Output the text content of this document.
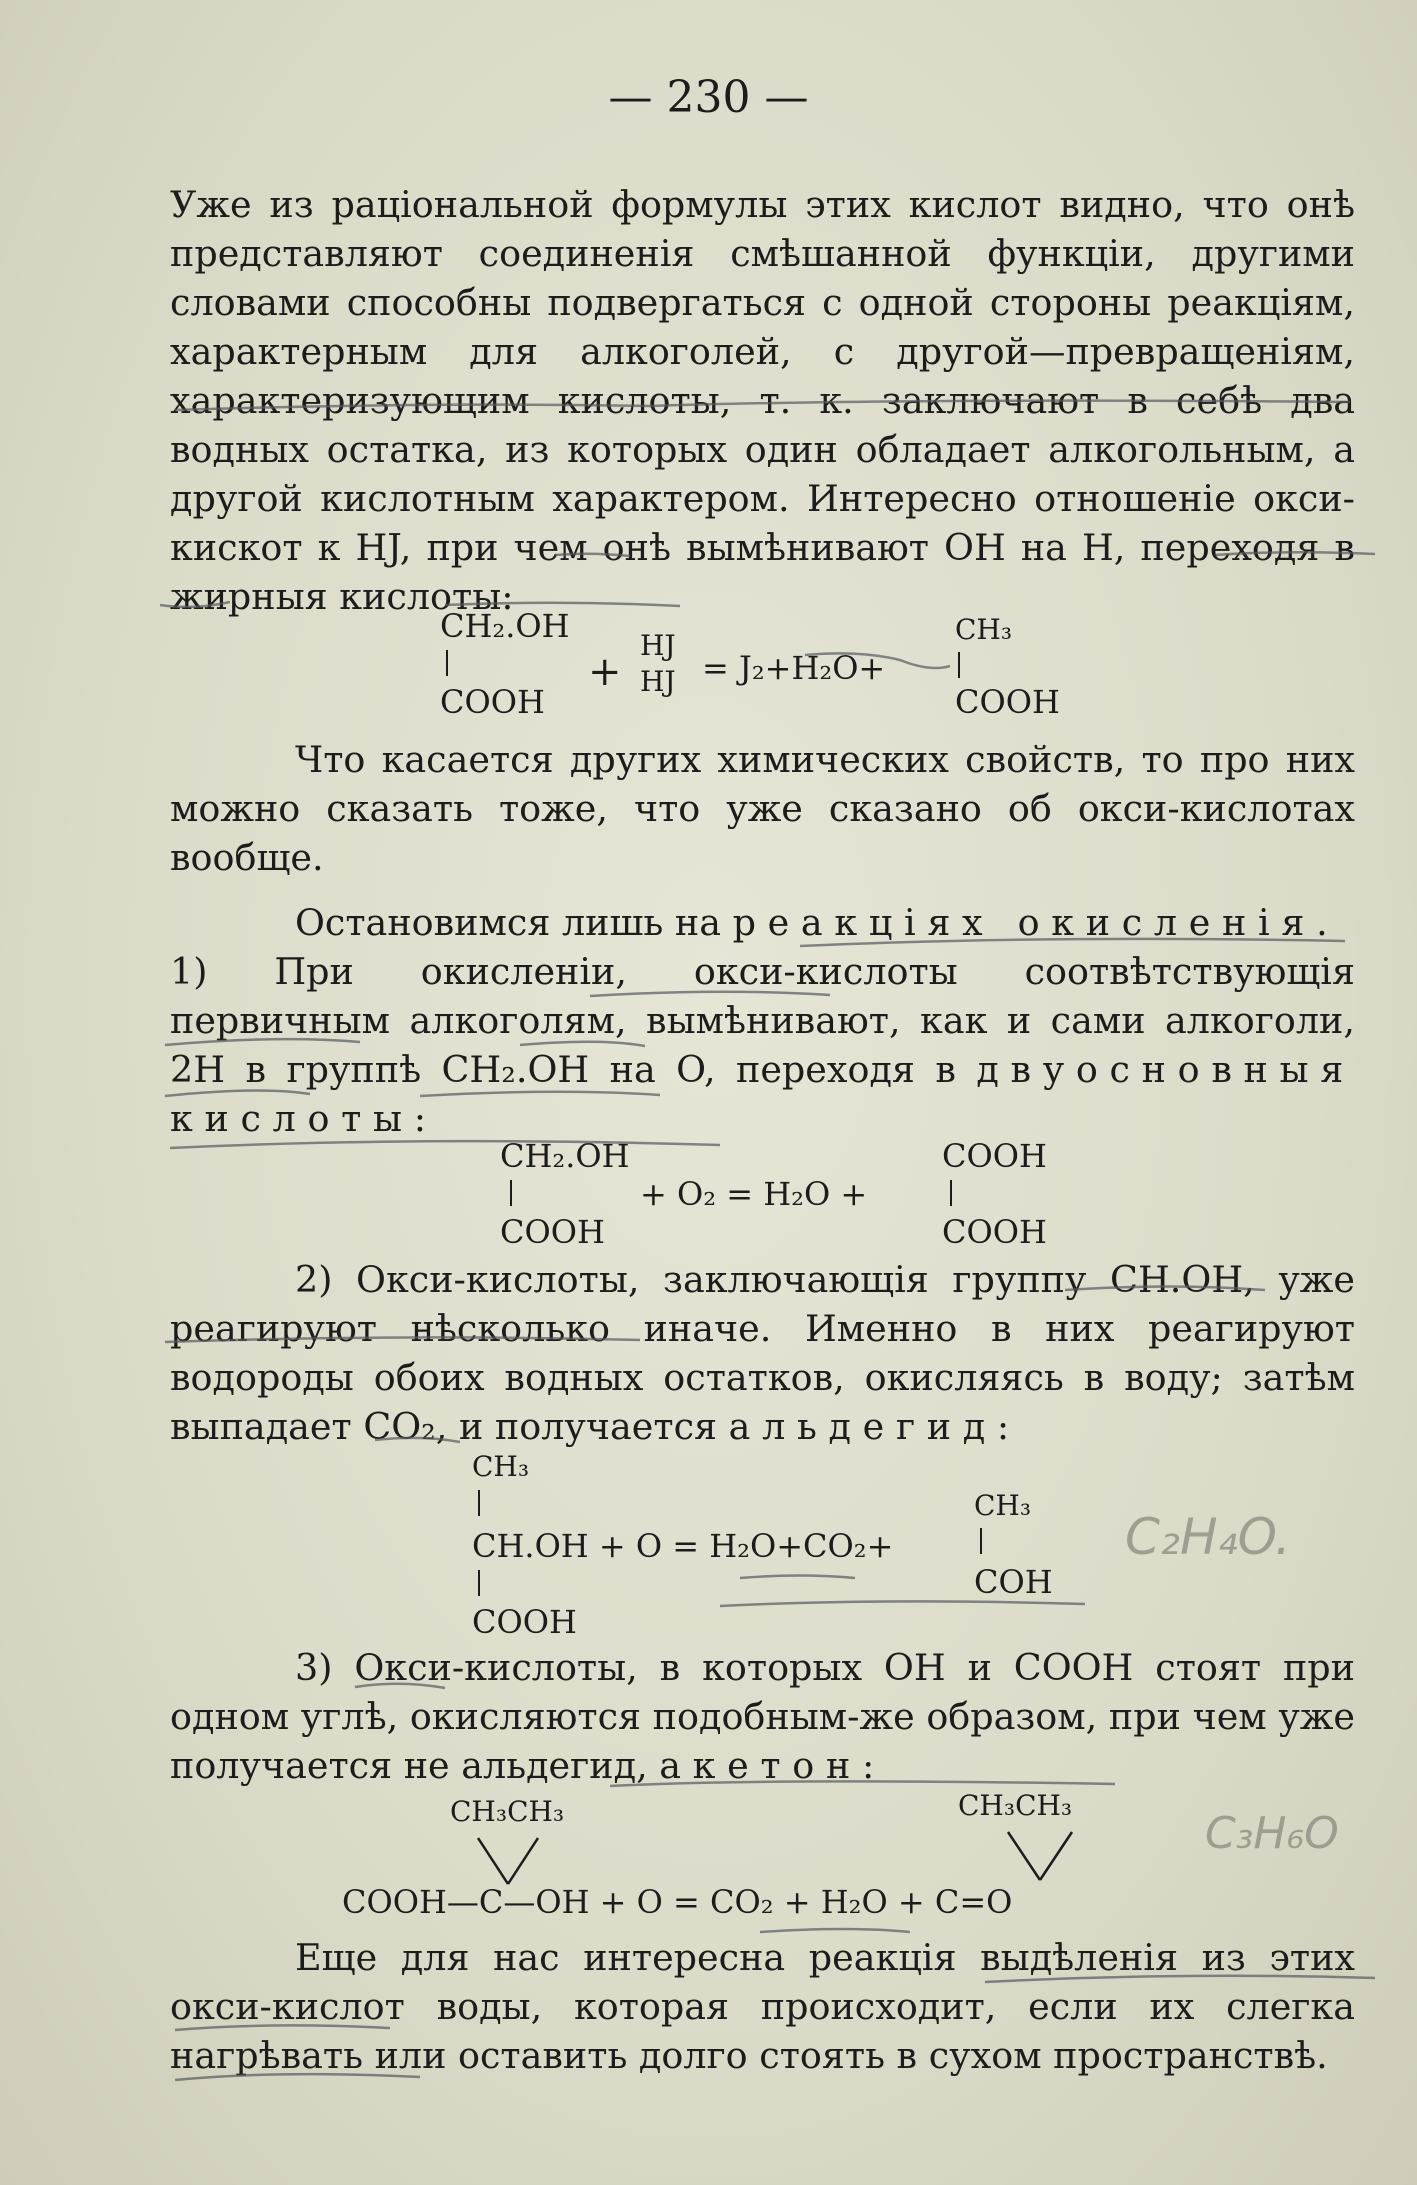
— 230 —

Уже из раціональной формулы этих кислот видно, что онѣ представляют соединенія смѣшанной функціи, другими словами способны подвергаться с одной стороны реакціям, характерным для алкоголей, с другой—превращеніям, характеризующим кислоты, т. к. заключают в себѣ два водных остатка, из которых один обладает алкогольным, а другой кислотным характером. Интересно отношеніе окси-кискот к HJ, при чем онѣ вымѣнивают OH на H, переходя в жирныя кислоты:

CH₂.OH
COOH
+
HJ
HJ = J₂+H₂O+
CH₃
COOH

Что касается других химических свойств, то про них можно сказать тоже, что уже сказано об окси-кислотах вообще.

Остановимся лишь на реакціях окисленія.

1) При окисленіи, окси-кислоты соотвѣтствующія первичным алкоголям, вымѣнивают, как и сами алкоголи, 2H в группѣ CH₂.OH на O, переходя в двуосновныя кислоты:

CH₂.OH
COOH
+ O₂ = H₂O +
COOH
COOH

2) Окси-кислоты, заключающія группу CH.OH, уже реагируют нѣсколько иначе. Именно в них реагируют водороды обоих водных остатков, окисляясь в воду; затѣм выпадает CO₂, и получается альдегид:

CH₃
CH.OH + O = H₂O+CO₂+
COOH
CH₃
COH

3) Окси-кислоты, в которых OH и COOH стоят при одном углѣ, окисляются подобным-же образом, при чем уже получается не альдегид, а кетон:

CH₃CH₃	CH₃CH₃
COOH—C—OH + O = CO₂ + H₂O + C=O

Еще для нас интересна реакція выдѣленія из этих окси-кислот воды, которая происходит, если их слегка нагрѣвать или оставить долго стоять в сухом пространствѣ.

C₂H₄O.
C₃H₆O
